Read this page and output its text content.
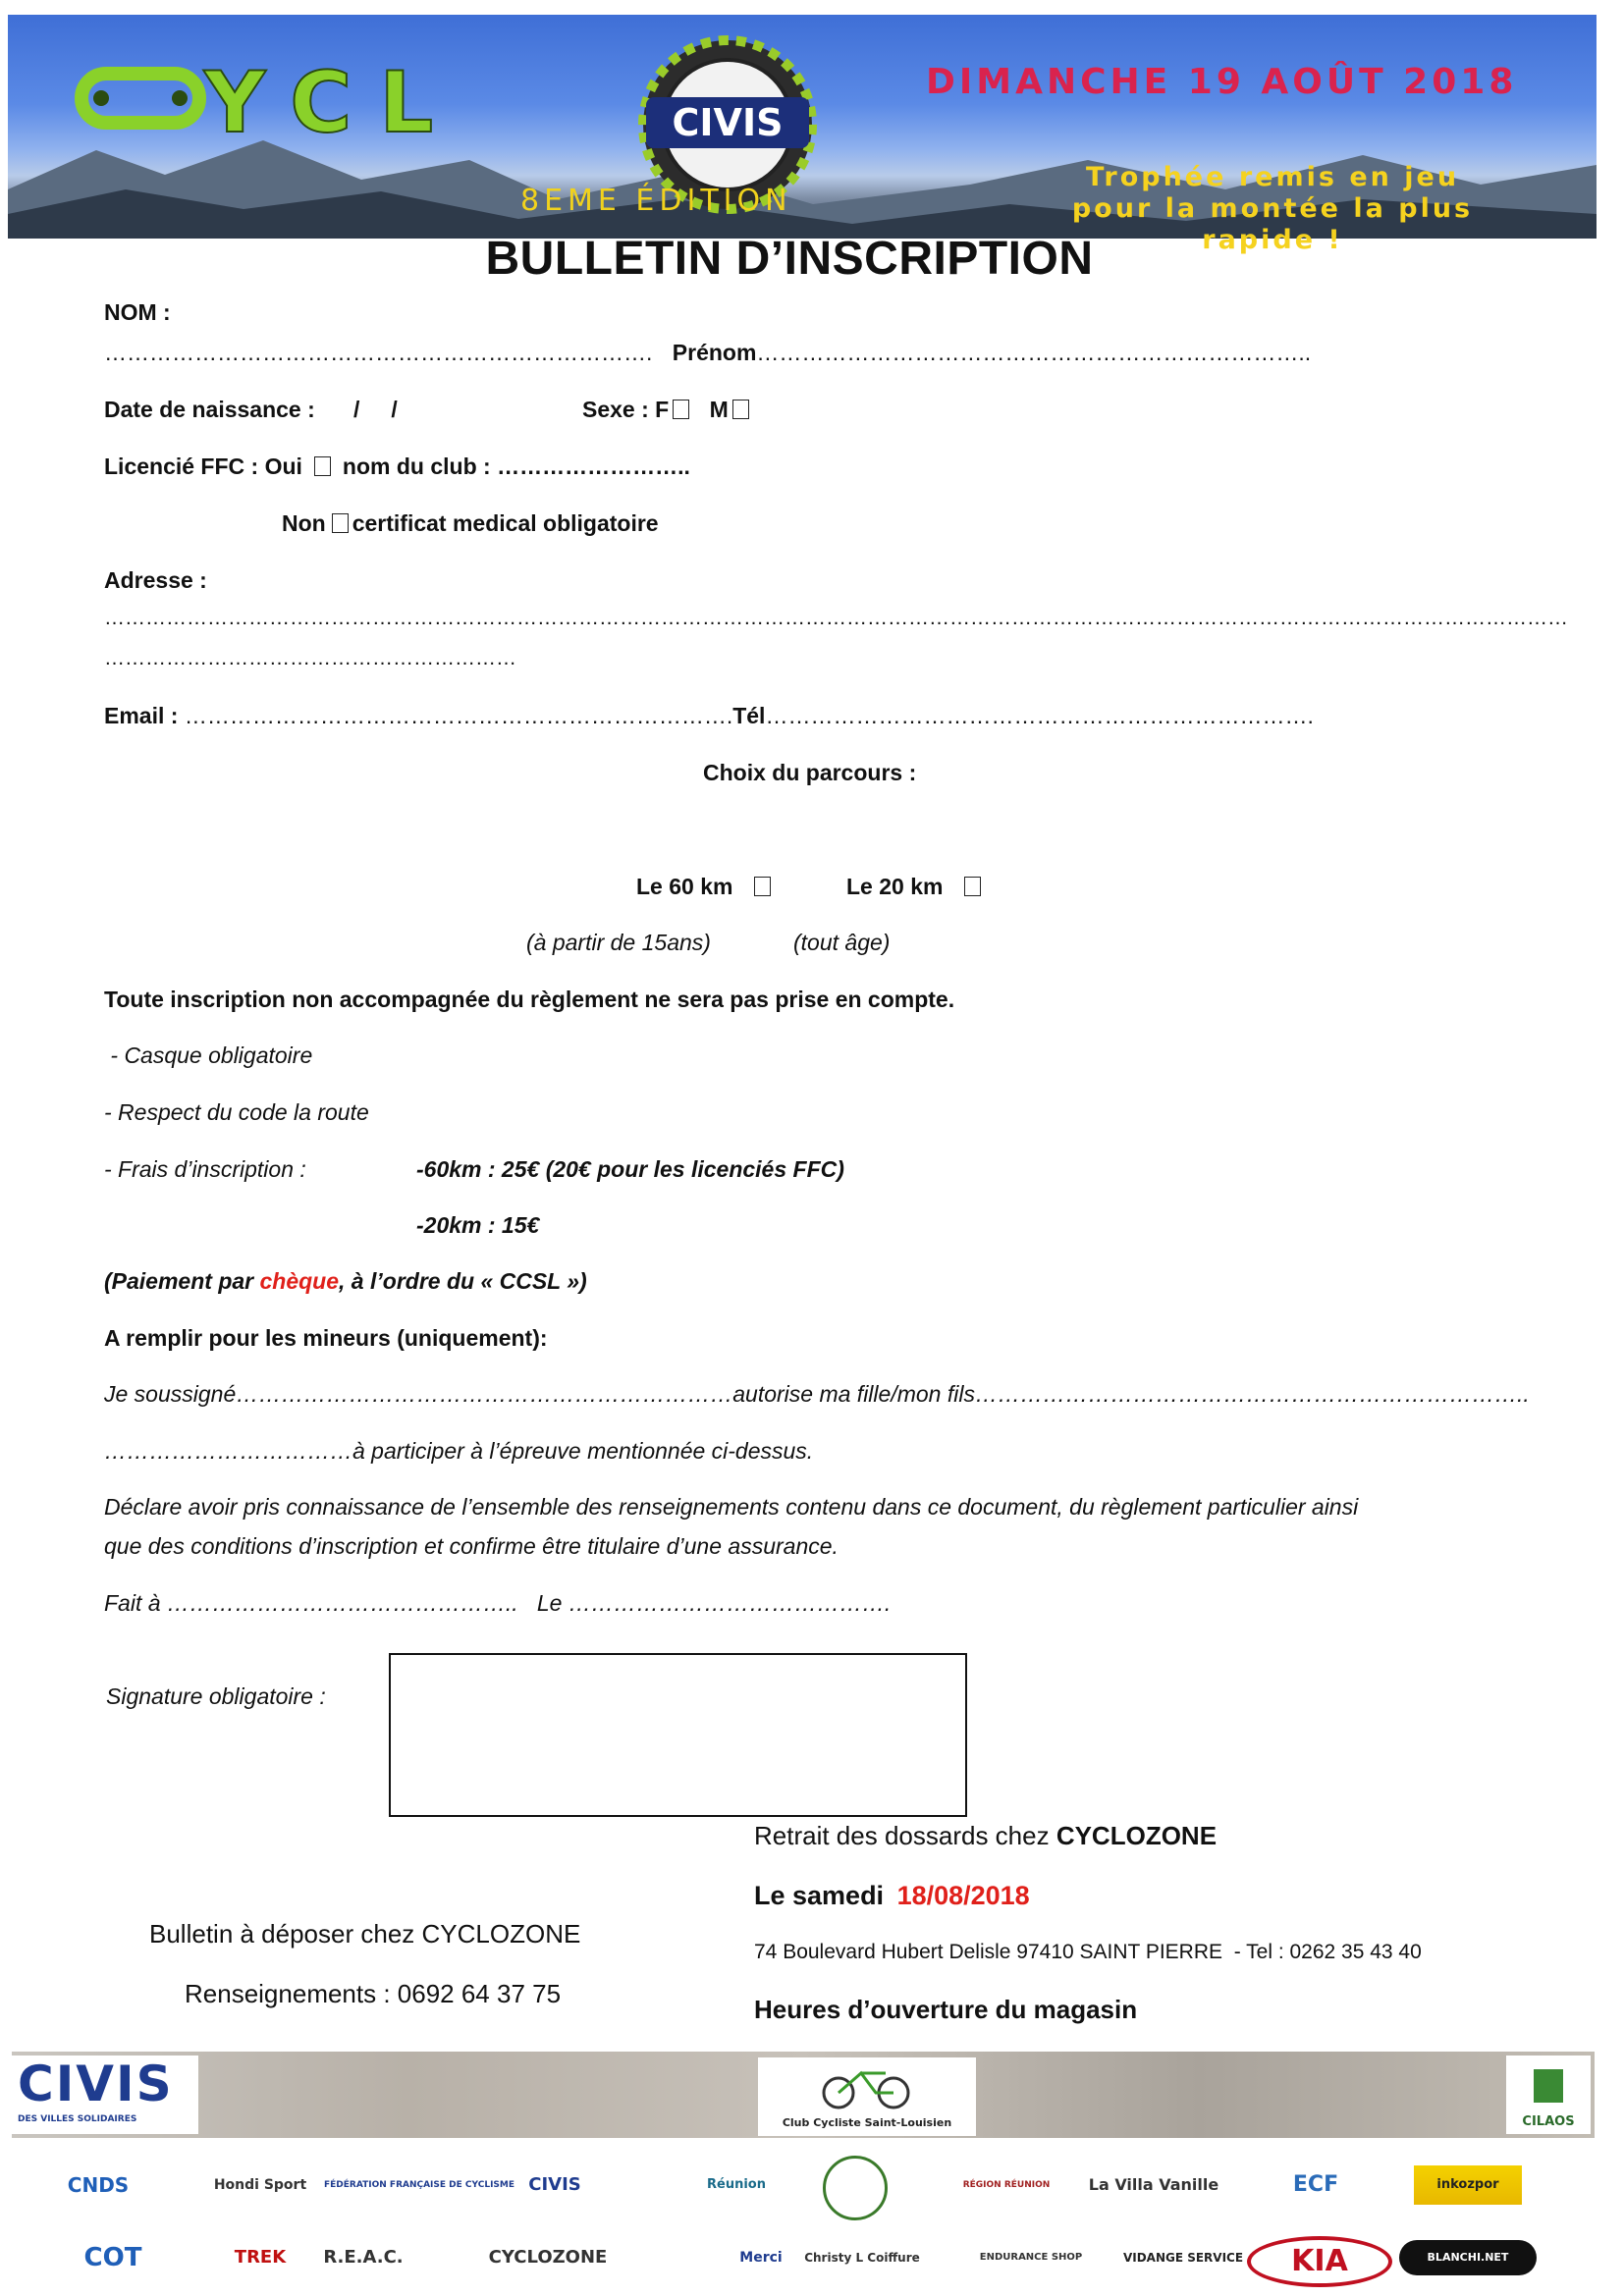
YCL	CIVIS
DIMANCHE 19 AOÛT 2018
8EME ÉDITION
Trophée remis en jeu
pour la montée la plus
rapide !
BULLETIN D’INSCRIPTION
NOM :
………………………………………………………………. Prénom………………………………………………………………..
Date de naissance : /     /	Sexe : F M
Licencié FFC : Oui nom du club : ……………………..
Non certificat medical obligatoire
Adresse :
……………………………………………………………………………………………………………………………………………………………………………………………
……………………………………………………
Email : ……………………………………………………………….Tél……………………………………………………………….
Choix du parcours :
Le 60 km	Le 20 km
(à partir de 15ans)	(tout âge)
Toute inscription non accompagnée du règlement ne sera pas prise en compte.
- Casque obligatoire
- Respect du code la route
- Frais d’inscription :	-60km : 25€ (20€ pour les licenciés FFC)
-20km : 15€
(Paiement par chèque, à l’ordre du « CCSL »)
A remplir pour les mineurs (uniquement):
Je soussigné…………………………………………………………autorise ma fille/mon fils………………………………………………………………..
……………………………à participer à l’épreuve mentionnée ci-dessus.
Déclare avoir pris connaissance de l’ensemble des renseignements contenu dans ce document, du règlement particulier ainsi
que des conditions d’inscription et confirme être titulaire d’une assurance.
Fait à ………………………………………..   Le …………………………………….
Signature obligatoire :
Retrait des dossards chez CYCLOZONE
Le samedi 18/08/2018
74 Boulevard Hubert Delisle 97410 SAINT PIERRE  - Tel : 0262 35 43 40
Heures d’ouverture du magasin
Bulletin à déposer chez CYCLOZONE
Renseignements : 0692 64 37 75
CIVIS
DES VILLES SOLIDAIRES	Club Cycliste Saint-Louisien	CILAOS
CNDS	Hondi Sport	FÉDÉRATION FRANÇAISE DE CYCLISME CIVIS	Réunion	RÉGION RÉUNION	La Villa Vanille	ECF	inkozpor
COT	TREK	R.E.A.C.	CYCLOZONE	Merci	Christy L Coiffure	ENDURANCE SHOP	VIDANGE SERVICE	KIA	BLANCHI.NET
